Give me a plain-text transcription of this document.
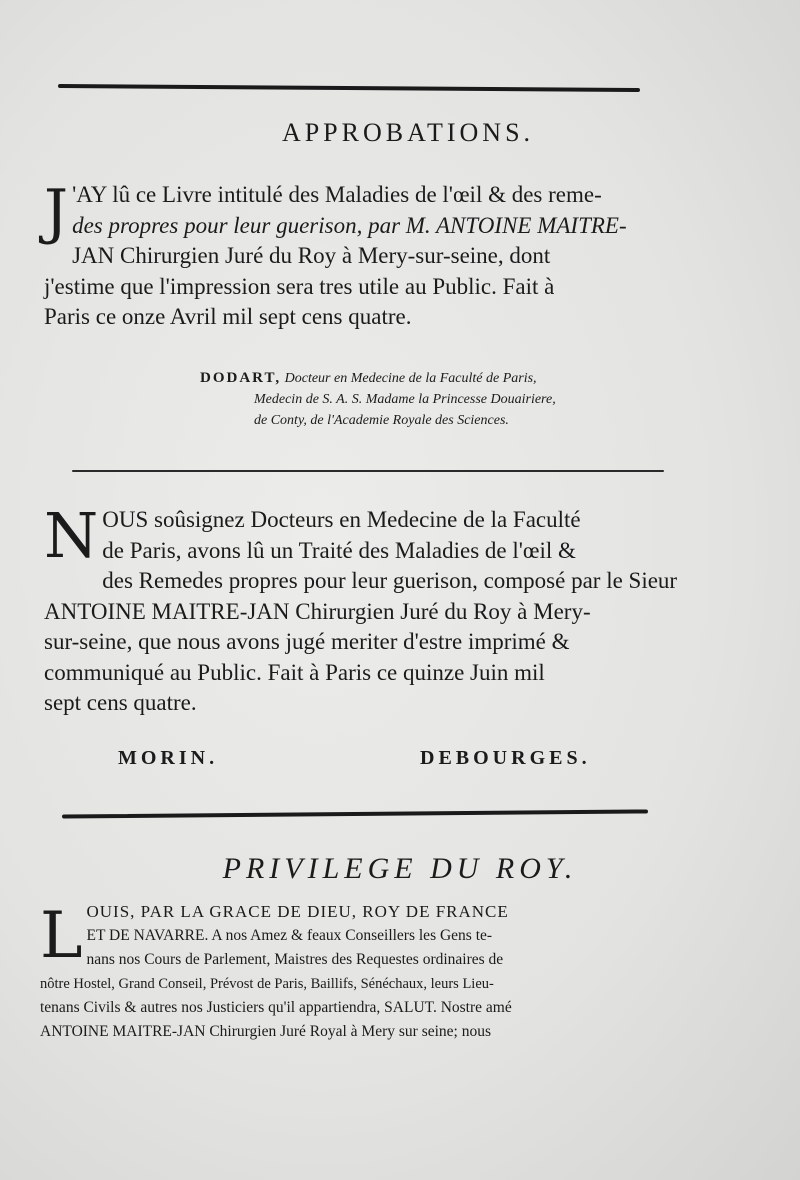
APPROBATIONS.
J 'AY lû ce Livre intitulé des Maladies de l'œil & des reme-
des propres pour leur guerison, par M. ANTOINE MAITRE-
JAN Chirurgien Juré du Roy à Mery-sur-seine, dont
j'estime que l'impression sera tres utile au Public. Fait à
Paris ce onze Avril mil sept cens quatre.
DODART, Docteur en Medecine de la Faculté de Paris,
Medecin de S. A. S. Madame la Princesse Douairiere,
de Conty, de l'Academie Royale des Sciences.
N OUS soûsignez Docteurs en Medecine de la Faculté
de Paris, avons lû un Traité des Maladies de l'œil &
des Remedes propres pour leur guerison, composé par le Sieur
ANTOINE MAITRE-JAN Chirurgien Juré du Roy à Mery-
sur-seine, que nous avons jugé meriter d'estre imprimé &
communiqué au Public. Fait à Paris ce quinze Juin mil
sept cens quatre.
MORIN.	DEBOURGES.
PRIVILEGE DU ROY.
L OUIS, PAR LA GRACE DE DIEU, ROY DE FRANCE
ET DE NAVARRE. A nos Amez & feaux Conseillers les Gens te-
nans nos Cours de Parlement, Maistres des Requestes ordinaires de
nôtre Hostel, Grand Conseil, Prévost de Paris, Baillifs, Sénéchaux, leurs Lieu-
tenans Civils & autres nos Justiciers qu'il appartiendra, SALUT. Nostre amé
ANTOINE MAITRE-JAN Chirurgien Juré Royal à Mery sur seine; nous
